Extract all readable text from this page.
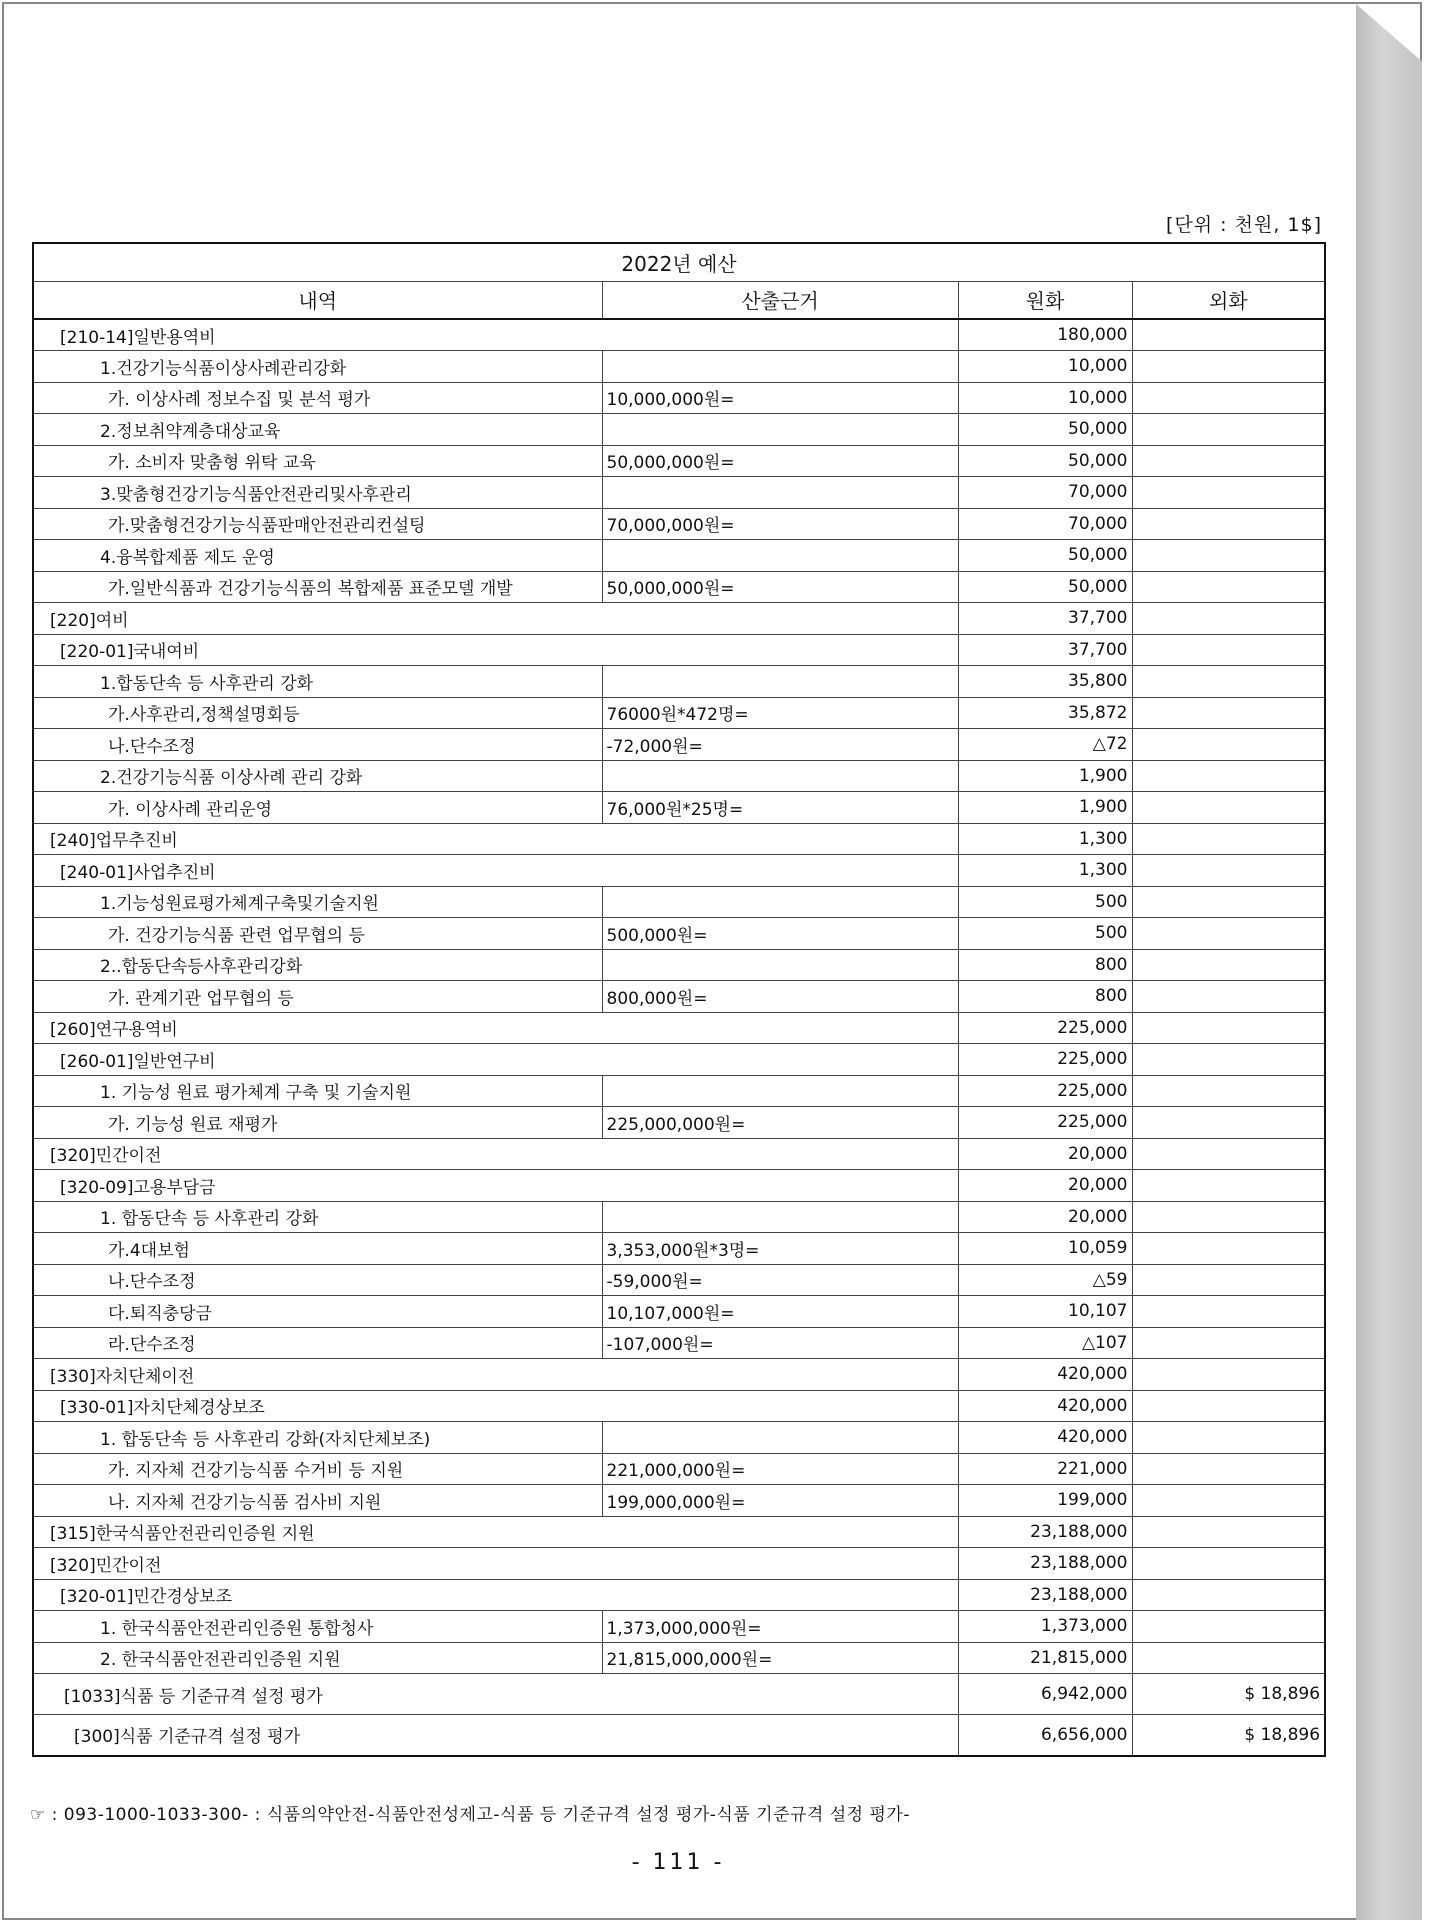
[단위 : 천원, 1$]
2022년 예산			
내역	산출근거	원화	외화
[210-14]일반용역비		180,000	
1.건강기능식품이상사례관리강화		10,000	
가. 이상사례 정보수집 및 분석 평가	10,000,000원=	10,000	
2.정보취약계층대상교육		50,000	
가. 소비자 맞춤형 위탁 교육	50,000,000원=	50,000	
3.맞춤형건강기능식품안전관리및사후관리		70,000	
가.맞춤형건강기능식품판매안전관리컨설팅	70,000,000원=	70,000	
4.융복합제품 제도 운영		50,000	
가.일반식품과 건강기능식품의 복합제품 표준모델 개발	50,000,000원=	50,000	
[220]여비		37,700	
[220-01]국내여비		37,700	
1.합동단속 등 사후관리 강화		35,800	
가.사후관리,정책설명회등	76000원*472명=	35,872	
나.단수조정	-72,000원=	△72	
2.건강기능식품 이상사례 관리 강화		1,900	
가. 이상사례 관리운영	76,000원*25명=	1,900	
[240]업무추진비		1,300	
[240-01]사업추진비		1,300	
1.기능성원료평가체계구축및기술지원		500	
가. 건강기능식품 관련 업무협의 등	500,000원=	500	
2..합동단속등사후관리강화		800	
가. 관계기관 업무협의 등	800,000원=	800	
[260]연구용역비		225,000	
[260-01]일반연구비		225,000	
1. 기능성 원료 평가체계 구축 및 기술지원		225,000	
가. 기능성 원료 재평가	225,000,000원=	225,000	
[320]민간이전		20,000	
[320-09]고용부담금		20,000	
1. 합동단속 등 사후관리 강화		20,000	
가.4대보험	3,353,000원*3명=	10,059	
나.단수조정	-59,000원=	△59	
다.퇴직충당금	10,107,000원=	10,107	
라.단수조정	-107,000원=	△107	
[330]자치단체이전		420,000	
[330-01]자치단체경상보조		420,000	
1. 합동단속 등 사후관리 강화(자치단체보조)		420,000	
가. 지자체 건강기능식품 수거비 등 지원	221,000,000원=	221,000	
나. 지자체 건강기능식품 검사비 지원	199,000,000원=	199,000	
[315]한국식품안전관리인증원 지원		23,188,000	
[320]민간이전		23,188,000	
[320-01]민간경상보조		23,188,000	
1. 한국식품안전관리인증원 통합청사	1,373,000,000원=	1,373,000	
2. 한국식품안전관리인증원 지원	21,815,000,000원=	21,815,000	
[1033]식품 등 기준규격 설정 평가		6,942,000	$ 18,896
[300]식품 기준규격 설정 평가		6,656,000	$ 18,896
☞ : 093-1000-1033-300- : 식품의약안전-식품안전성제고-식품 등 기준규격 설정 평가-식품 기준규격 설정 평가-
- 111 -
